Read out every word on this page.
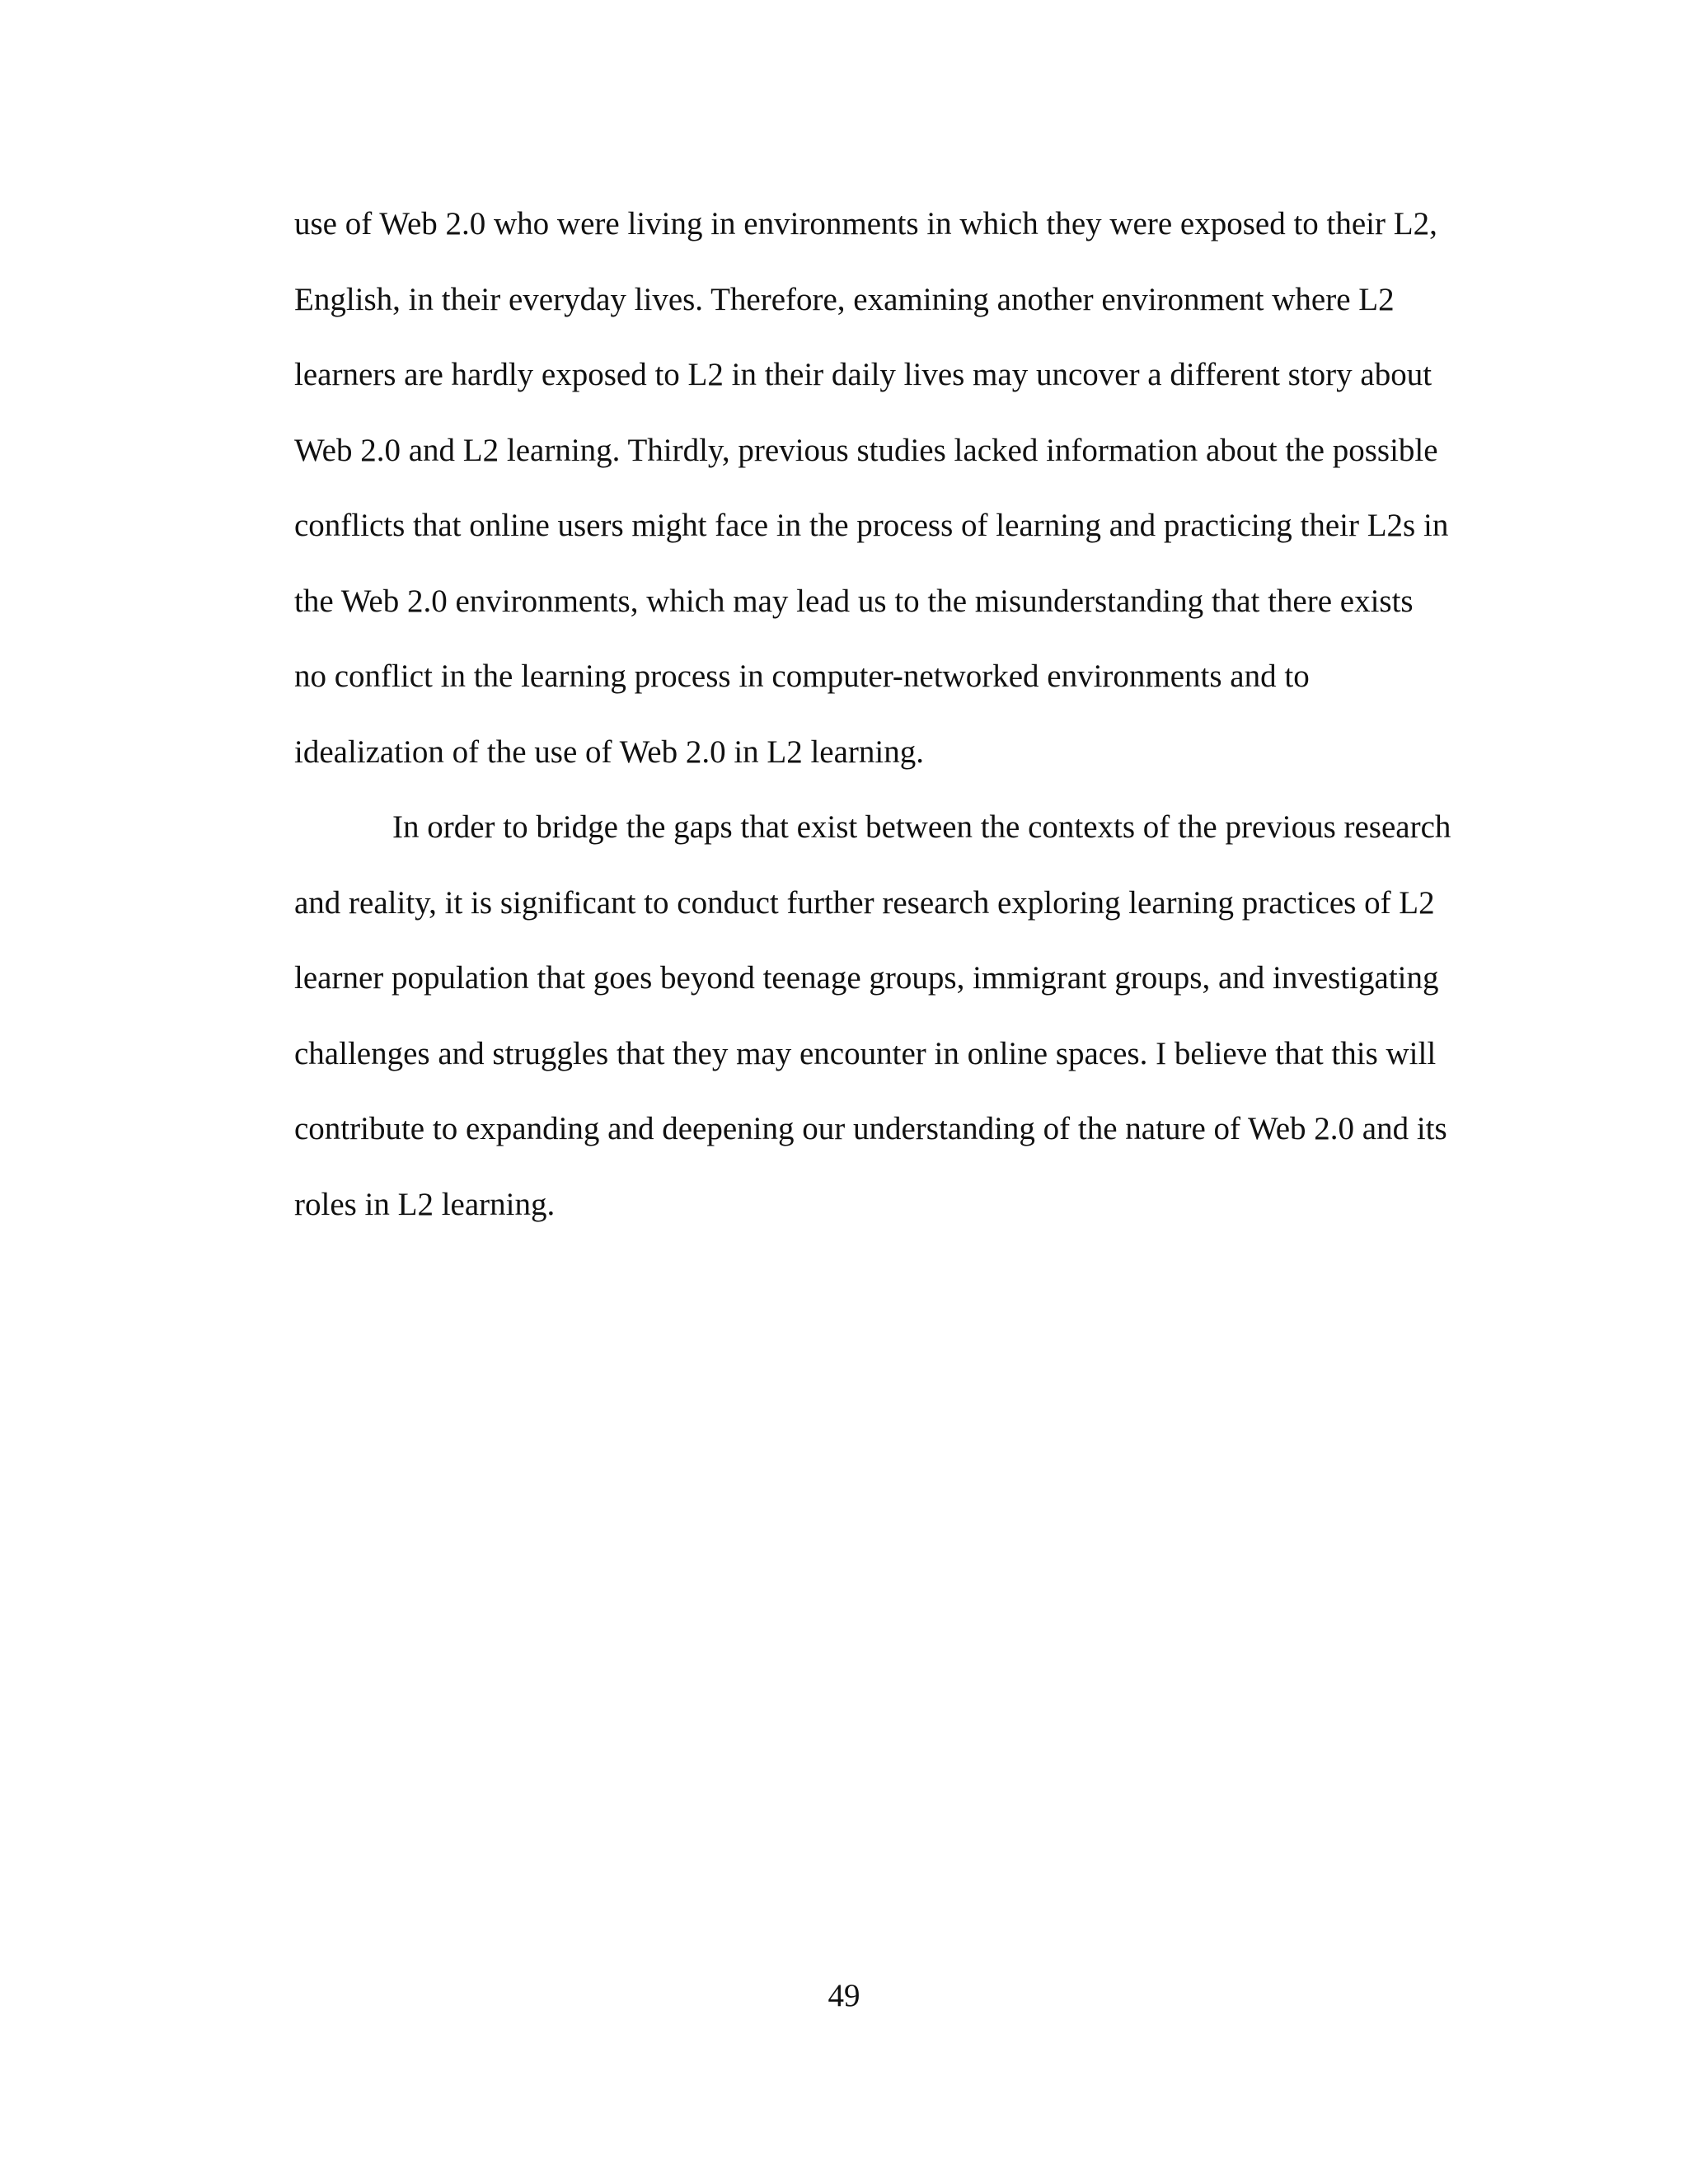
use of Web 2.0 who were living in environments in which they were exposed to their L2,
English, in their everyday lives. Therefore, examining another environment where L2
learners are hardly exposed to L2 in their daily lives may uncover a different story about
Web 2.0 and L2 learning. Thirdly, previous studies lacked information about the possible
conflicts that online users might face in the process of learning and practicing their L2s in
the Web 2.0 environments, which may lead us to the misunderstanding that there exists
no conflict in the learning process in computer-networked environments and to
idealization of the use of Web 2.0 in L2 learning.
In order to bridge the gaps that exist between the contexts of the previous research
and reality, it is significant to conduct further research exploring learning practices of L2
learner population that goes beyond teenage groups, immigrant groups, and investigating
challenges and struggles that they may encounter in online spaces. I believe that this will
contribute to expanding and deepening our understanding of the nature of Web 2.0 and its
roles in L2 learning.
49
